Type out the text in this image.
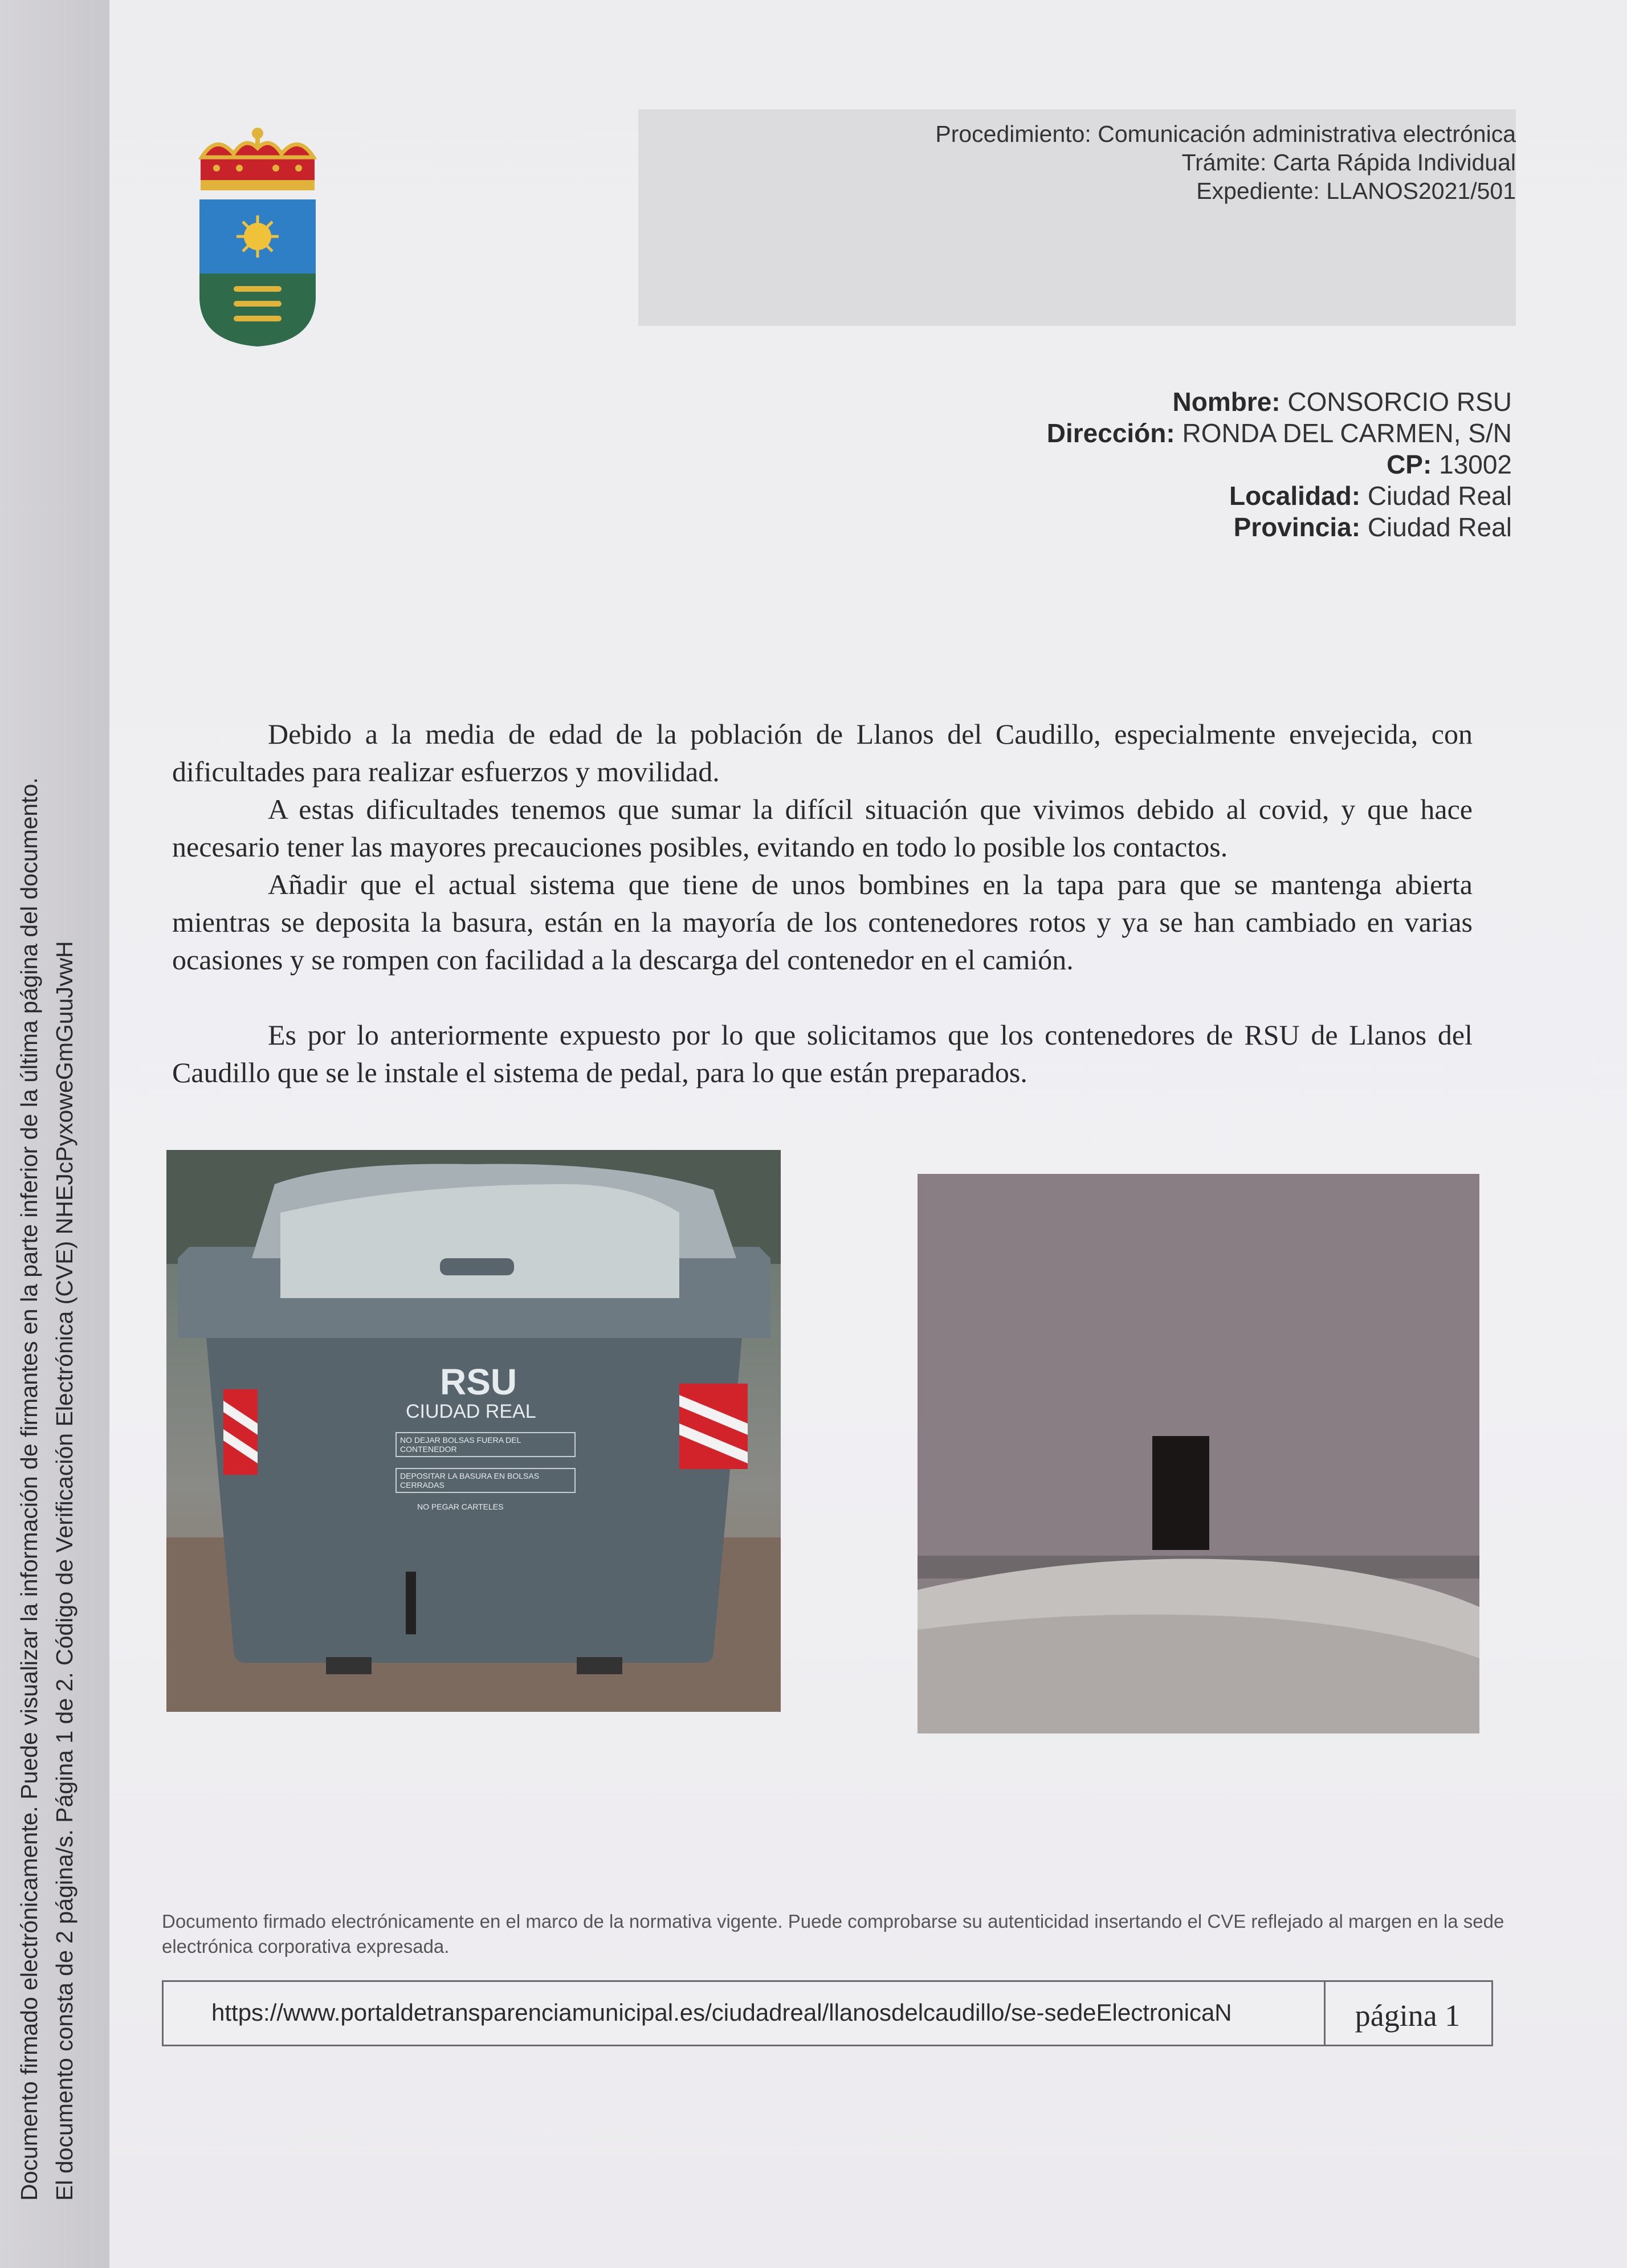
Documento firmado electrónicamente. Puede visualizar la información de firmantes en la parte inferior de la última página del documento. El documento consta de 2 página/s. Página 1 de 2. Código de Verificación Electrónica (CVE) NHEJcPyxoweGmGuuJvwH
Procedimiento: Comunicación administrativa electrónica
Trámite: Carta Rápida Individual
Expediente: LLANOS2021/501
Nombre: CONSORCIO RSU
Dirección: RONDA DEL CARMEN, S/N
CP: 13002
Localidad: Ciudad Real
Provincia: Ciudad Real

Debido a la media de edad de la población de Llanos del Caudillo, especialmente envejecida, con dificultades para realizar esfuerzos y movilidad.

A estas dificultades tenemos que sumar la difícil situación que vivimos debido al covid, y que hace necesario tener las mayores precauciones posibles, evitando en todo lo posible los contactos.

Añadir que el actual sistema que tiene de unos bombines en la tapa para que se mantenga abierta mientras se deposita la basura, están en la mayoría de los contenedores rotos y ya se han cambiado en varias ocasiones y se rompen con facilidad a la descarga del contenedor en el camión.

Es por lo anteriormente expuesto por lo que solicitamos que los contenedores de RSU de Llanos del Caudillo que se le instale el sistema de pedal, para lo que están preparados.

RSU
CIUDAD REAL
NO DEJAR BOLSAS FUERA DEL CONTENEDOR
DEPOSITAR LA BASURA EN BOLSAS CERRADAS
NO PEGAR CARTELES
Documento firmado electrónicamente en el marco de la normativa vigente. Puede comprobarse su autenticidad insertando el CVE reflejado al margen en la sede electrónica corporativa expresada.
https://www.portaldetransparenciamunicipal.es/ciudadreal/llanosdelcaudillo/se-sedeElectronicaN	página 1
